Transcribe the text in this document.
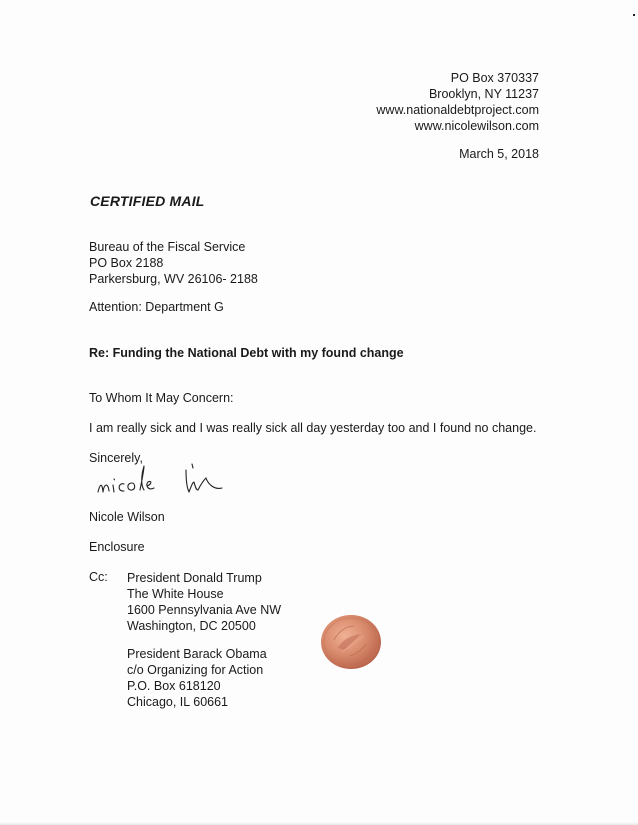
PO Box 370337
Brooklyn, NY 11237
www.nationaldebtproject.com
www.nicolewilson.com
March 5, 2018
CERTIFIED MAIL
Bureau of the Fiscal Service
PO Box 2188
Parkersburg, WV 26106- 2188
Attention: Department G
Re: Funding the National Debt with my found change
To Whom It May Concern:
I am really sick and I was really sick all day yesterday too and I found no change.
Sincerely,
Nicole Wilson
Enclosure
Cc: President Donald Trump
The White House
1600 Pennsylvania Ave NW
Washington, DC 20500
President Barack Obama
c/o Organizing for Action
P.O. Box 618120
Chicago, IL 60661
